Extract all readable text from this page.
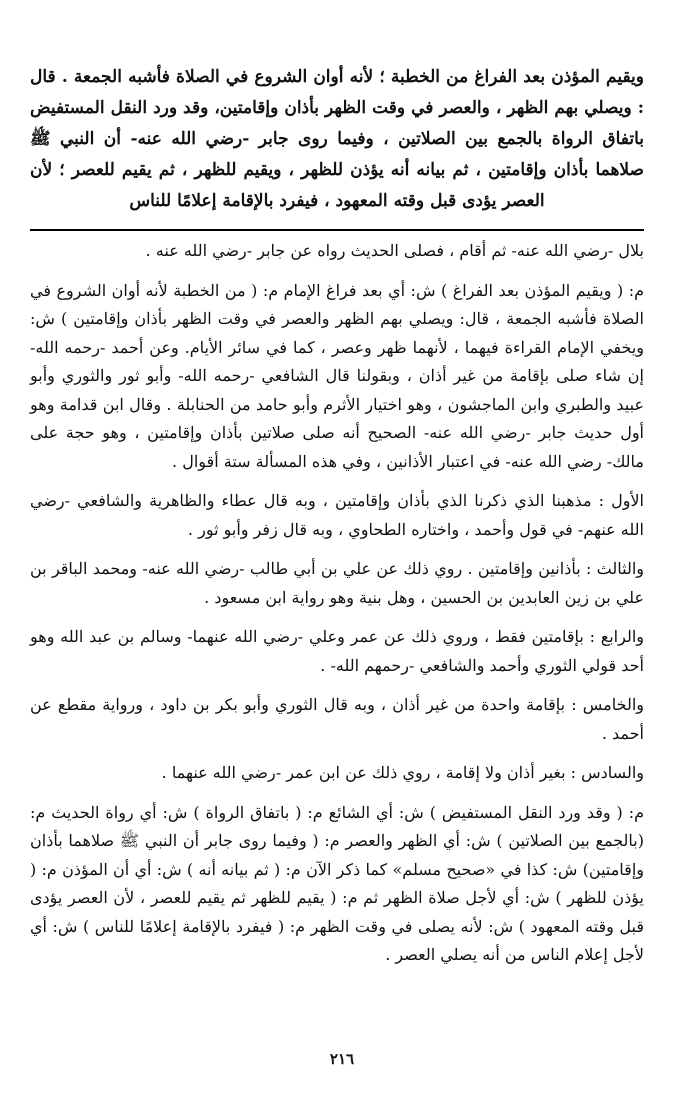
ويقيم المؤذن بعد الفراغ من الخطبة ؛ لأنه أوان الشروع في الصلاة فأشبه الجمعة . قال : ويصلي بهم الظهر ، والعصر في وقت الظهر بأذان وإقامتين، وقد ورد النقل المستفيض باتفاق الرواة بالجمع بين الصلاتين ، وفيما روى جابر -رضي الله عنه- أن النبي ﷺ صلاهما بأذان وإقامتين ، ثم بيانه أنه يؤذن للظهر ، ويقيم للظهر ، ثم يقيم للعصر ؛ لأن العصر يؤدى قبل وقته المعهود ، فيفرد بالإقامة إعلامًا للناس

بلال -رضي الله عنه- ثم أقام ، فصلى الحديث رواه عن جابر -رضي الله عنه .

م: ( ويقيم المؤذن بعد الفراغ ) ش: أي بعد فراغ الإمام م: ( من الخطبة لأنه أوان الشروع في الصلاة فأشبه الجمعة ، قال: ويصلي بهم الظهر والعصر في وقت الظهر بأذان وإقامتين ) ش: ويخفي الإمام القراءة فيهما ، لأنهما ظهر وعصر ، كما في سائر الأيام. وعن أحمد -رحمه الله- إن شاء صلى بإقامة من غير أذان ، وبقولنا قال الشافعي -رحمه الله- وأبو ثور والثوري وأبو عبيد والطبري وابن الماجشون ، وهو اختيار الأثرم وأبو حامد من الحنابلة . وقال ابن قدامة وهو أول حديث جابر -رضي الله عنه- الصحيح أنه صلى صلاتين بأذان وإقامتين ، وهو حجة على مالك- رضي الله عنه- في اعتبار الأذانين ، وفي هذه المسألة ستة أقوال .

الأول : مذهبنا الذي ذكرنا الذي بأذان وإقامتين ، وبه قال عطاء والظاهرية والشافعي -رضي الله عنهم- في قول وأحمد ، واختاره الطحاوي ، وبه قال زفر وأبو ثور .

والثالث : بأذانين وإقامتين . روي ذلك عن علي بن أبي طالب -رضي الله عنه- ومحمد الباقر بن علي بن زين العابدين بن الحسين ، وهل بنية وهو رواية ابن مسعود .

والرابع : بإقامتين فقط ، وروي ذلك عن عمر وعلي -رضي الله عنهما- وسالم بن عبد الله وهو أحد قولي الثوري وأحمد والشافعي -رحمهم الله- .

والخامس : بإقامة واحدة من غير أذان ، وبه قال الثوري وأبو بكر بن داود ، ورواية مقطع عن أحمد .

والسادس : بغير أذان ولا إقامة ، روي ذلك عن ابن عمر -رضي الله عنهما .

م: ( وقد ورد النقل المستفيض ) ش: أي الشائع م: ( باتفاق الرواة ) ش: أي رواة الحديث م: (بالجمع بين الصلاتين ) ش: أي الظهر والعصر م: ( وفيما روى جابر أن النبي ﷺ صلاهما بأذان وإقامتين) ش: كذا في «صحيح مسلم» كما ذكر الآن م: ( ثم بيانه أنه ) ش: أي أن المؤذن م: ( يؤذن للظهر ) ش: أي لأجل صلاة الظهر ثم م: ( يقيم للظهر ثم يقيم للعصر ، لأن العصر يؤدى قبل وقته المعهود ) ش: لأنه يصلى في وقت الظهر م: ( فيفرد بالإقامة إعلامًا للناس ) ش: أي لأجل إعلام الناس من أنه يصلي العصر .

٢١٦
